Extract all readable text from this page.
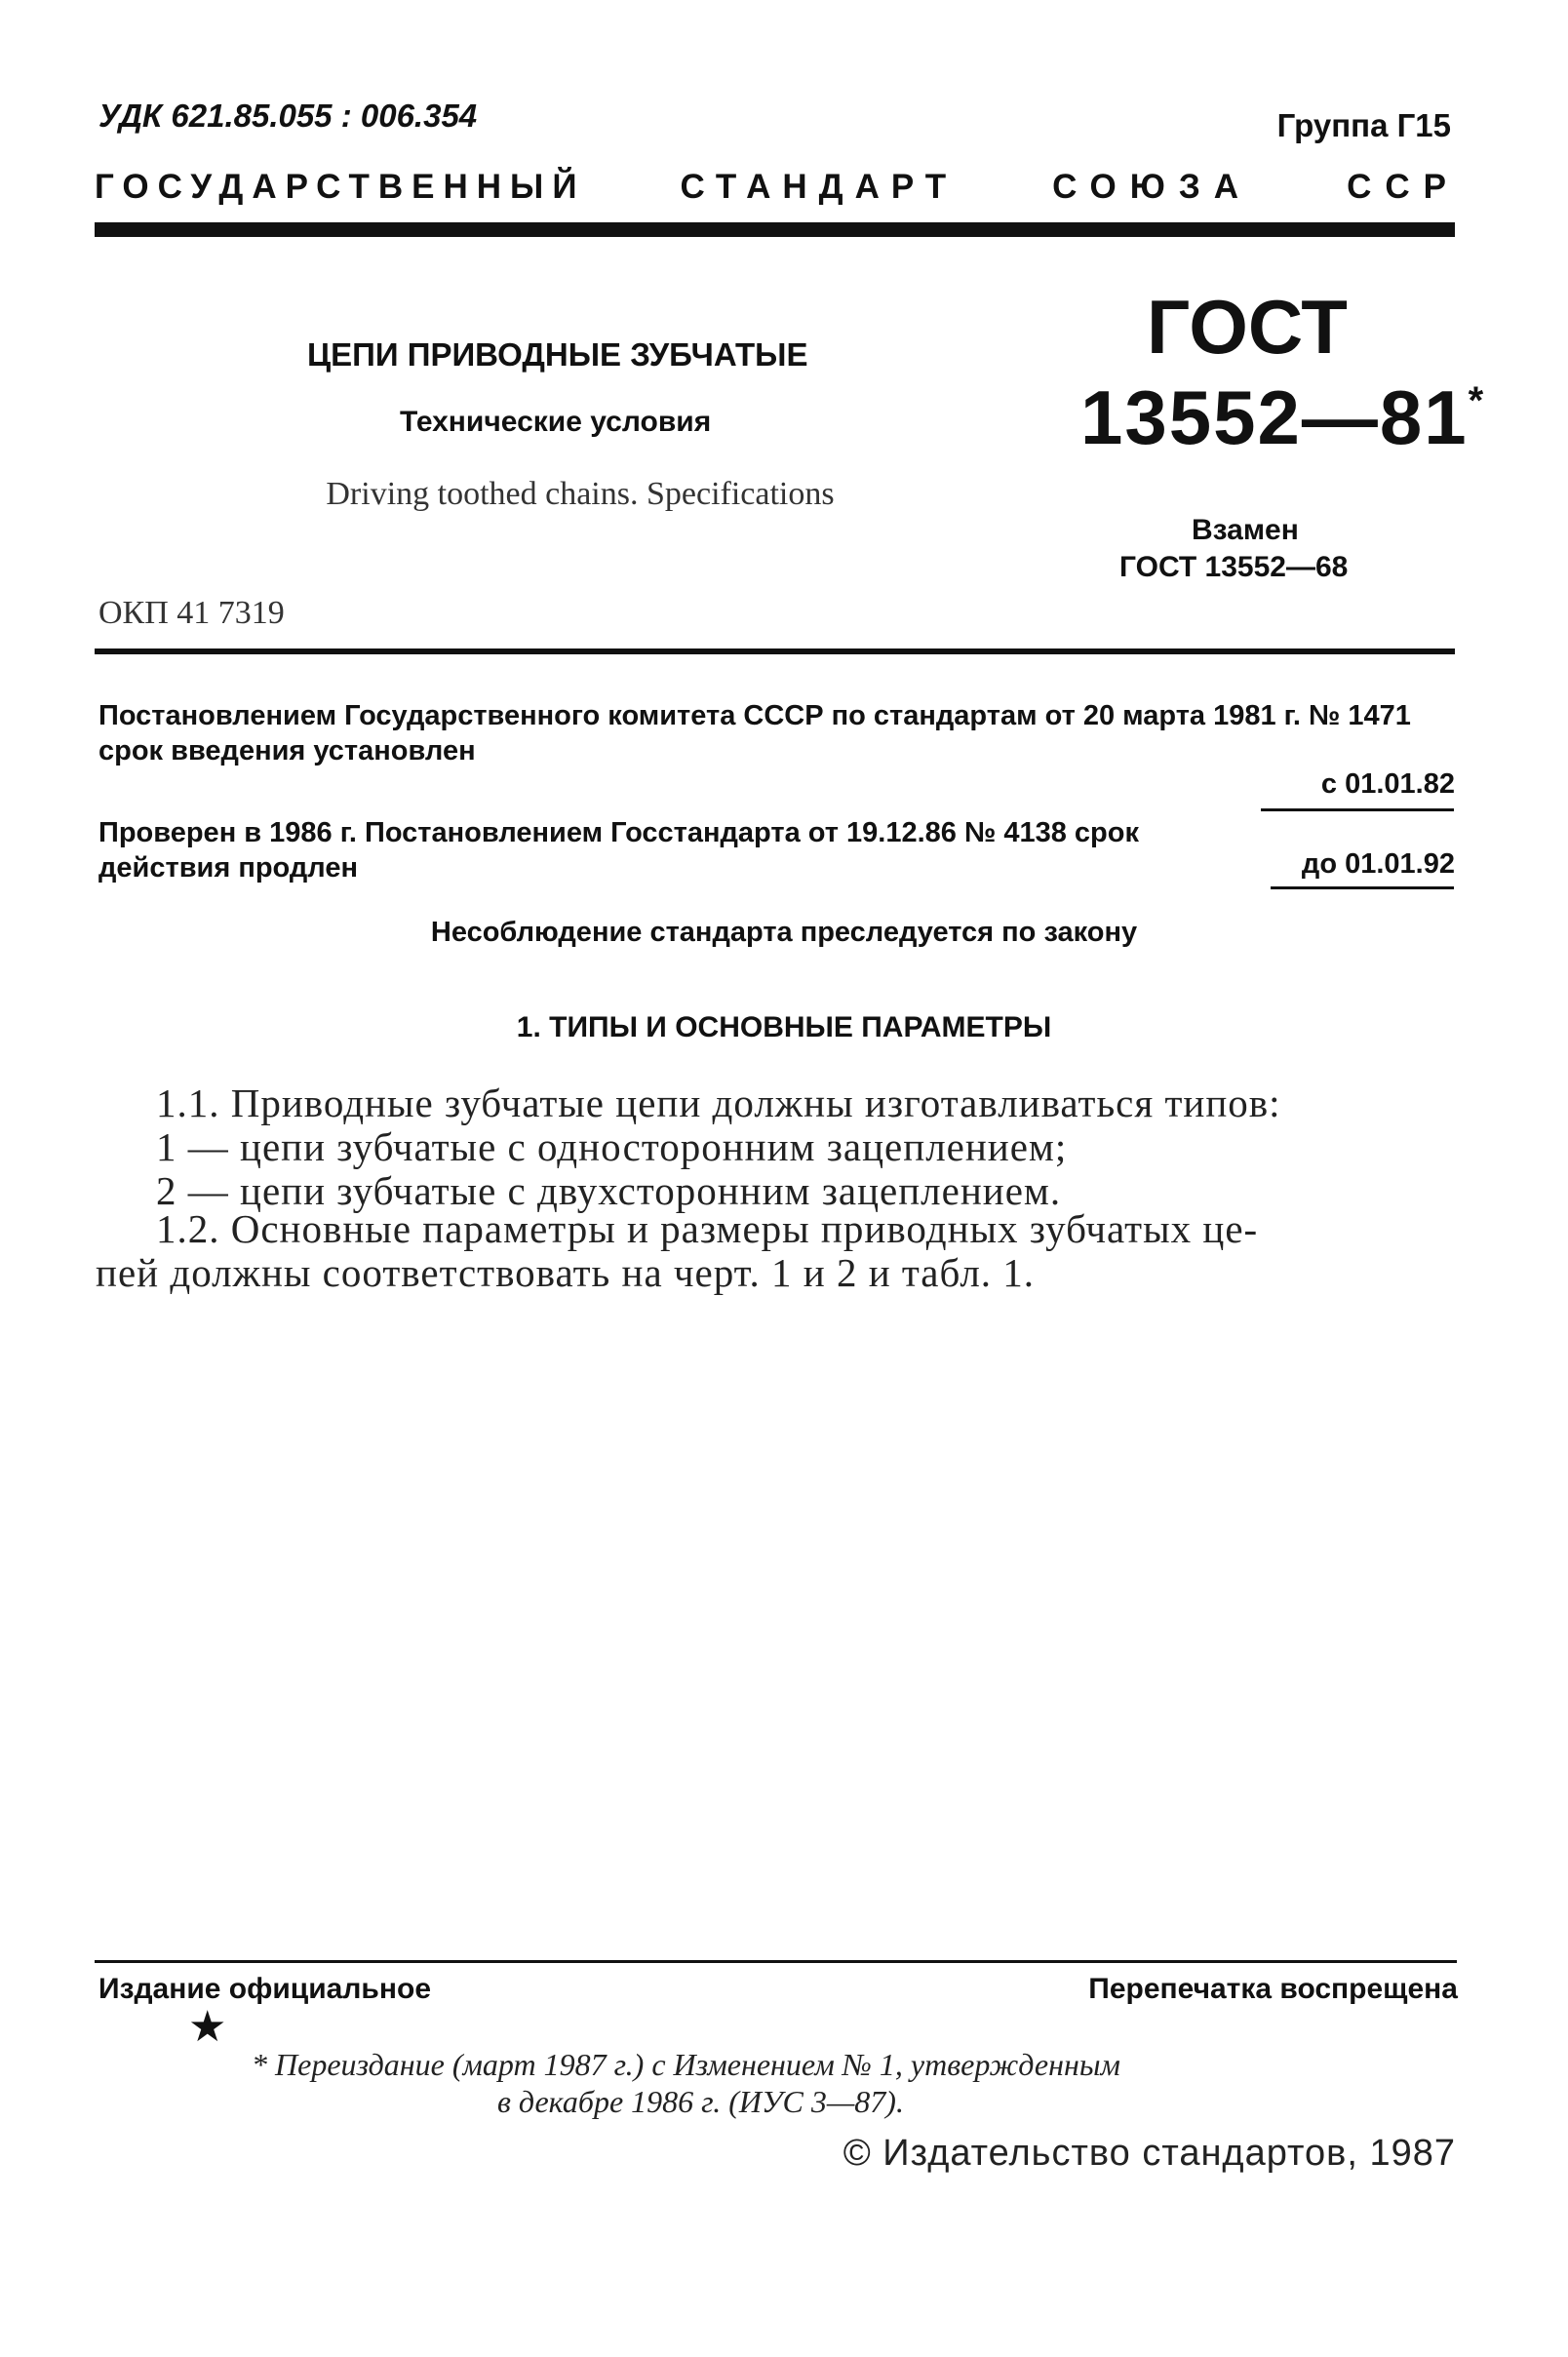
УДК 621.85.055 : 006.354	Группа Г15

ГОСУДАРСТВЕННЫЙ	СТАНДАРТ	СОЮЗА	ССР

ЦЕПИ ПРИВОДНЫЕ ЗУБЧАТЫЕ

Технические условия

Driving toothed chains. Specifications

ГОСТ

13552—81*

Взамен

ГОСТ 13552—68

ОКП 41 7319

Постановлением Государственного комитета СССР по стандартам от 20 марта 1981 г. № 1471 срок введения установлен

с 01.01.82

Проверен в 1986 г. Постановлением Госстандарта от 19.12.86 № 4138 срок действия продлен	до 01.01.92

Несоблюдение стандарта преследуется по закону

1. ТИПЫ И ОСНОВНЫЕ ПАРАМЕТРЫ

1.1. Приводные зубчатые цепи должны изготавливаться типов:

1 — цепи зубчатые с односторонним зацеплением;

2 — цепи зубчатые с двухсторонним зацеплением.

1.2. Основные параметры и размеры приводных зубчатых це-
пей должны соответствовать на черт. 1 и 2 и табл. 1.

Издание официальное	Перепечатка воспрещена

★

* Переиздание (март 1987 г.) с Изменением № 1, утвержденным
в декабре 1986 г. (ИУС 3—87).

© Издательство стандартов, 1987
